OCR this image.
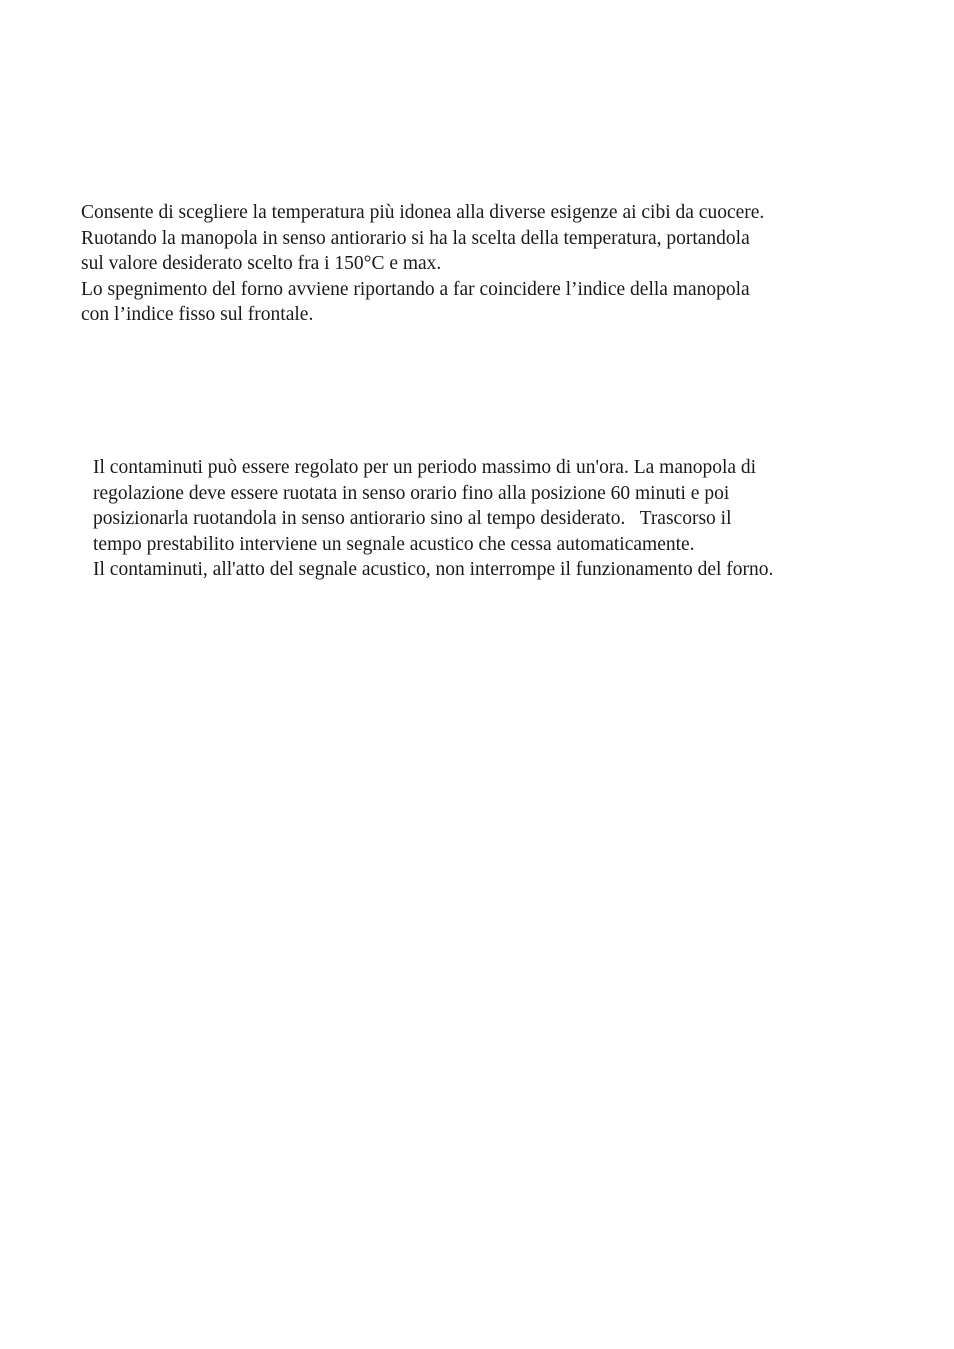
Consente di scegliere la temperatura più idonea alla diverse esigenze ai cibi da cuocere.
Ruotando la manopola in senso antiorario si ha la scelta della temperatura, portandola
sul valore desiderato scelto fra i 150°C e max.
Lo spegnimento del forno avviene riportando a far coincidere l’indice della manopola
con l’indice fisso sul frontale.
Il contaminuti può essere regolato per un periodo massimo di un'ora. La manopola di
regolazione deve essere ruotata in senso orario fino alla posizione 60 minuti e poi
posizionarla ruotandola in senso antiorario sino al tempo desiderato.   Trascorso il
tempo prestabilito interviene un segnale acustico che cessa automaticamente.
Il contaminuti, all'atto del segnale acustico, non interrompe il funzionamento del forno.
